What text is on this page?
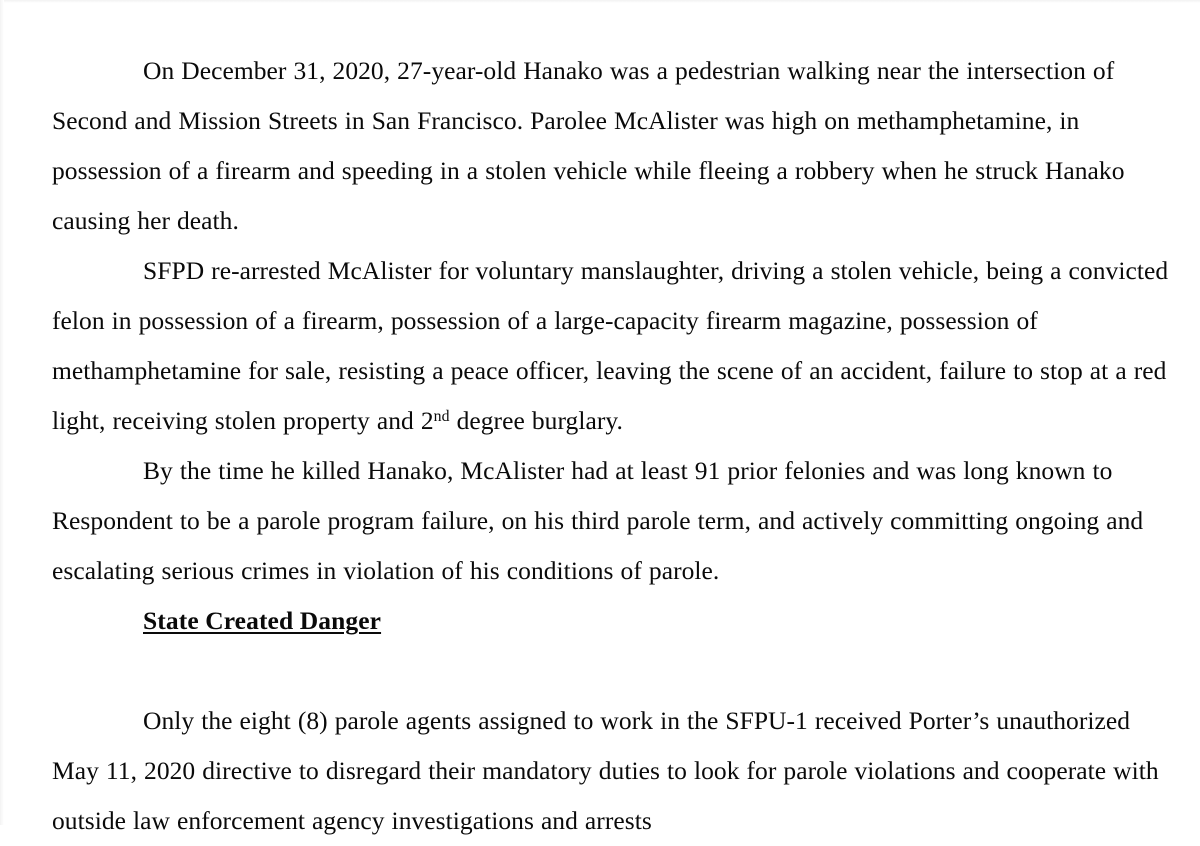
On December 31, 2020, 27-year-old Hanako was a pedestrian walking near the intersection of Second and Mission Streets in San Francisco. Parolee McAlister was high on methamphetamine, in possession of a firearm and speeding in a stolen vehicle while fleeing a robbery when he struck Hanako causing her death.

SFPD re-arrested McAlister for voluntary manslaughter, driving a stolen vehicle, being a convicted felon in possession of a firearm, possession of a large-capacity firearm magazine, possession of methamphetamine for sale, resisting a peace officer, leaving the scene of an accident, failure to stop at a red light, receiving stolen property and 2nd degree burglary.

By the time he killed Hanako, McAlister had at least 91 prior felonies and was long known to Respondent to be a parole program failure, on his third parole term, and actively committing ongoing and escalating serious crimes in violation of his conditions of parole.

State Created Danger

Only the eight (8) parole agents assigned to work in the SFPU-1 received Porter’s unauthorized May 11, 2020 directive to disregard their mandatory duties to look for parole violations and cooperate with outside law enforcement agency investigations and arrests
